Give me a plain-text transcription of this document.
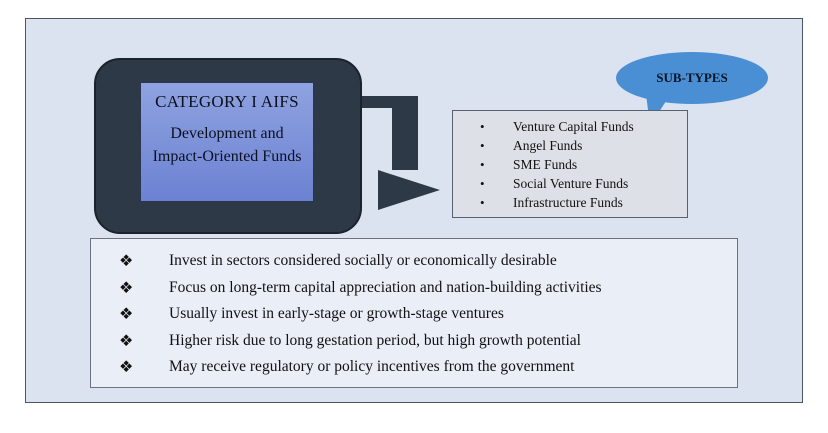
CATEGORY I AIFS
Development and
Impact-Oriented Funds
SUB-TYPES
• Venture Capital Funds
• Angel Funds
• SME Funds
• Social Venture Funds
• Infrastructure Funds
❖ Invest in sectors considered socially or economically desirable
❖ Focus on long-term capital appreciation and nation-building activities
❖ Usually invest in early-stage or growth-stage ventures
❖ Higher risk due to long gestation period, but high growth potential
❖ May receive regulatory or policy incentives from the government
